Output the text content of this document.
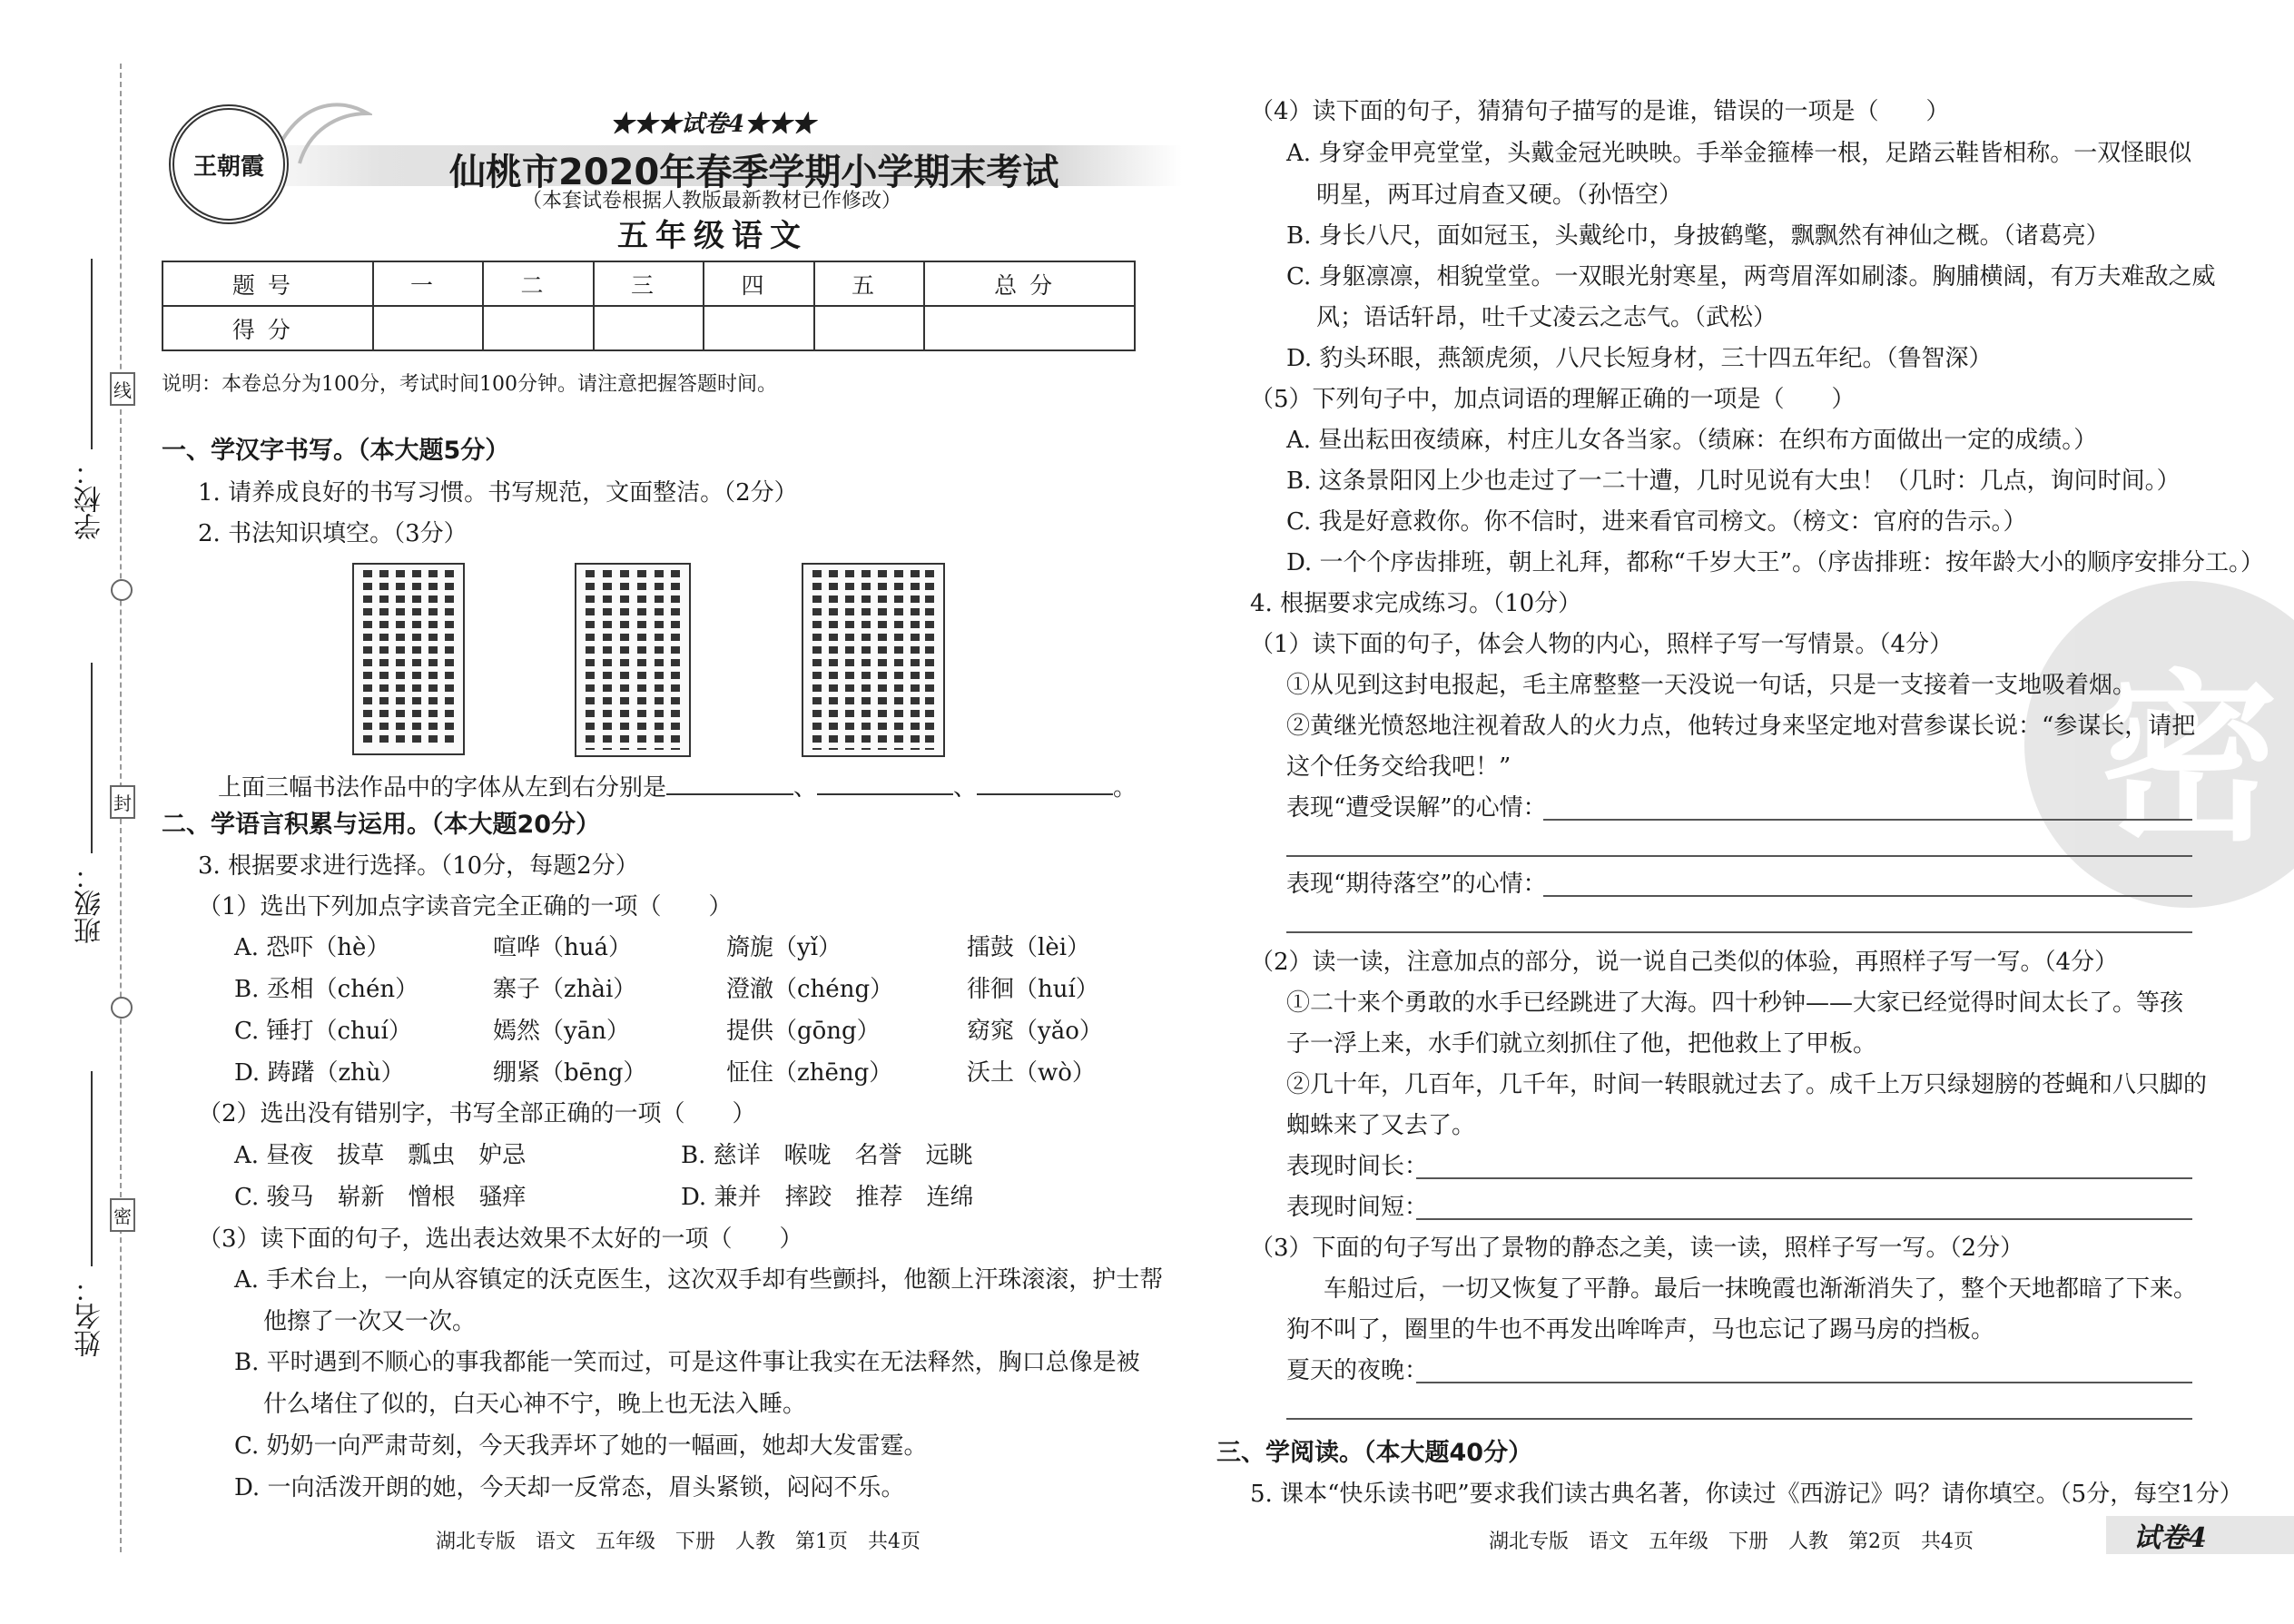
学校：
班级：
姓名：
线
封
密
王朝霞
★★★试卷4★★★
仙桃市2020年春季学期小学期末考试
（本套试卷根据人教版最新教材已作修改）
五年级语文
题号	一	二	三	四	五	总分
得分						
说明：本卷总分为100分，考试时间100分钟。请注意把握答题时间。
一、学汉字书写。（本大题5分）
1. 请养成良好的书写习惯。书写规范，文面整洁。（2分）
2. 书法知识填空。（3分）
上面三幅书法作品中的字体从左到右分别是	、	、	。
二、学语言积累与运用。（本大题20分）
3. 根据要求进行选择。（10分，每题2分）
（1）选出下列加点字读音完全正确的一项（　　）
A. 恐吓（hè）	喧哗（huá）	旖旎（yǐ）	擂鼓（lèi）
B. 丞相（chén）	寨子（zhài）	澄澈（chéng）	徘徊（huí）
C. 锤打（chuí）	嫣然（yān）	提供（gōng）	窈窕（yǎo）
D. 踌躇（zhù）	绷紧（bēng）	怔住（zhēng）	沃土（wò）
（2）选出没有错别字，书写全部正确的一项（　　）
A. 昼夜　拔草　瓢虫　妒忌	B. 慈详　喉咙　名誉　远眺
C. 骏马　崭新　憎根　骚痒	D. 兼并　摔跤　推荐　连绵
（3）读下面的句子，选出表达效果不太好的一项（　　）
A. 手术台上，一向从容镇定的沃克医生，这次双手却有些颤抖，他额上汗珠滚滚，护士帮
他擦了一次又一次。
B. 平时遇到不顺心的事我都能一笑而过，可是这件事让我实在无法释然，胸口总像是被
什么堵住了似的，白天心神不宁，晚上也无法入睡。
C. 奶奶一向严肃苛刻，今天我弄坏了她的一幅画，她却大发雷霆。
D. 一向活泼开朗的她，今天却一反常态，眉头紧锁，闷闷不乐。
湖北专版　语文　五年级　下册　人教　第1页　共4页
密
（4）读下面的句子，猜猜句子描写的是谁，错误的一项是（　　）
A. 身穿金甲亮堂堂，头戴金冠光映映。手举金箍棒一根，足踏云鞋皆相称。一双怪眼似
明星，两耳过肩查又硬。（孙悟空）
B. 身长八尺，面如冠玉，头戴纶巾，身披鹤氅，飘飘然有神仙之概。（诸葛亮）
C. 身躯凛凛，相貌堂堂。一双眼光射寒星，两弯眉浑如刷漆。胸脯横阔，有万夫难敌之威
风；语话轩昂，吐千丈凌云之志气。（武松）
D. 豹头环眼，燕颔虎须，八尺长短身材，三十四五年纪。（鲁智深）
（5）下列句子中，加点词语的理解正确的一项是（　　）
A. 昼出耘田夜绩麻，村庄儿女各当家。（绩麻：在织布方面做出一定的成绩。）
B. 这条景阳冈上少也走过了一二十遭，几时见说有大虫！（几时：几点，询问时间。）
C. 我是好意救你。你不信时，进来看官司榜文。（榜文：官府的告示。）
D. 一个个序齿排班，朝上礼拜，都称“千岁大王”。（序齿排班：按年龄大小的顺序安排分工。）
4. 根据要求完成练习。（10分）
（1）读下面的句子，体会人物的内心，照样子写一写情景。（4分）
①从见到这封电报起，毛主席整整一天没说一句话，只是一支接着一支地吸着烟。
②黄继光愤怒地注视着敌人的火力点，他转过身来坚定地对营参谋长说：“参谋长，请把
这个任务交给我吧！”
表现“遭受误解”的心情：
表现“期待落空”的心情：
（2）读一读，注意加点的部分，说一说自己类似的体验，再照样子写一写。（4分）
①二十来个勇敢的水手已经跳进了大海。四十秒钟——大家已经觉得时间太长了。等孩
子一浮上来，水手们就立刻抓住了他，把他救上了甲板。
②几十年，几百年，几千年，时间一转眼就过去了。成千上万只绿翅膀的苍蝇和八只脚的
蜘蛛来了又去了。
表现时间长：
表现时间短：
（3）下面的句子写出了景物的静态之美，读一读，照样子写一写。（2分）
车船过后，一切又恢复了平静。最后一抹晚霞也渐渐消失了，整个天地都暗了下来。
狗不叫了，圈里的牛也不再发出哞哞声，马也忘记了踢马房的挡板。
夏天的夜晚：
三、学阅读。（本大题40分）
5. 课本“快乐读书吧”要求我们读古典名著，你读过《西游记》吗？请你填空。（5分，每空1分）
湖北专版　语文　五年级　下册　人教　第2页　共4页	试卷4
